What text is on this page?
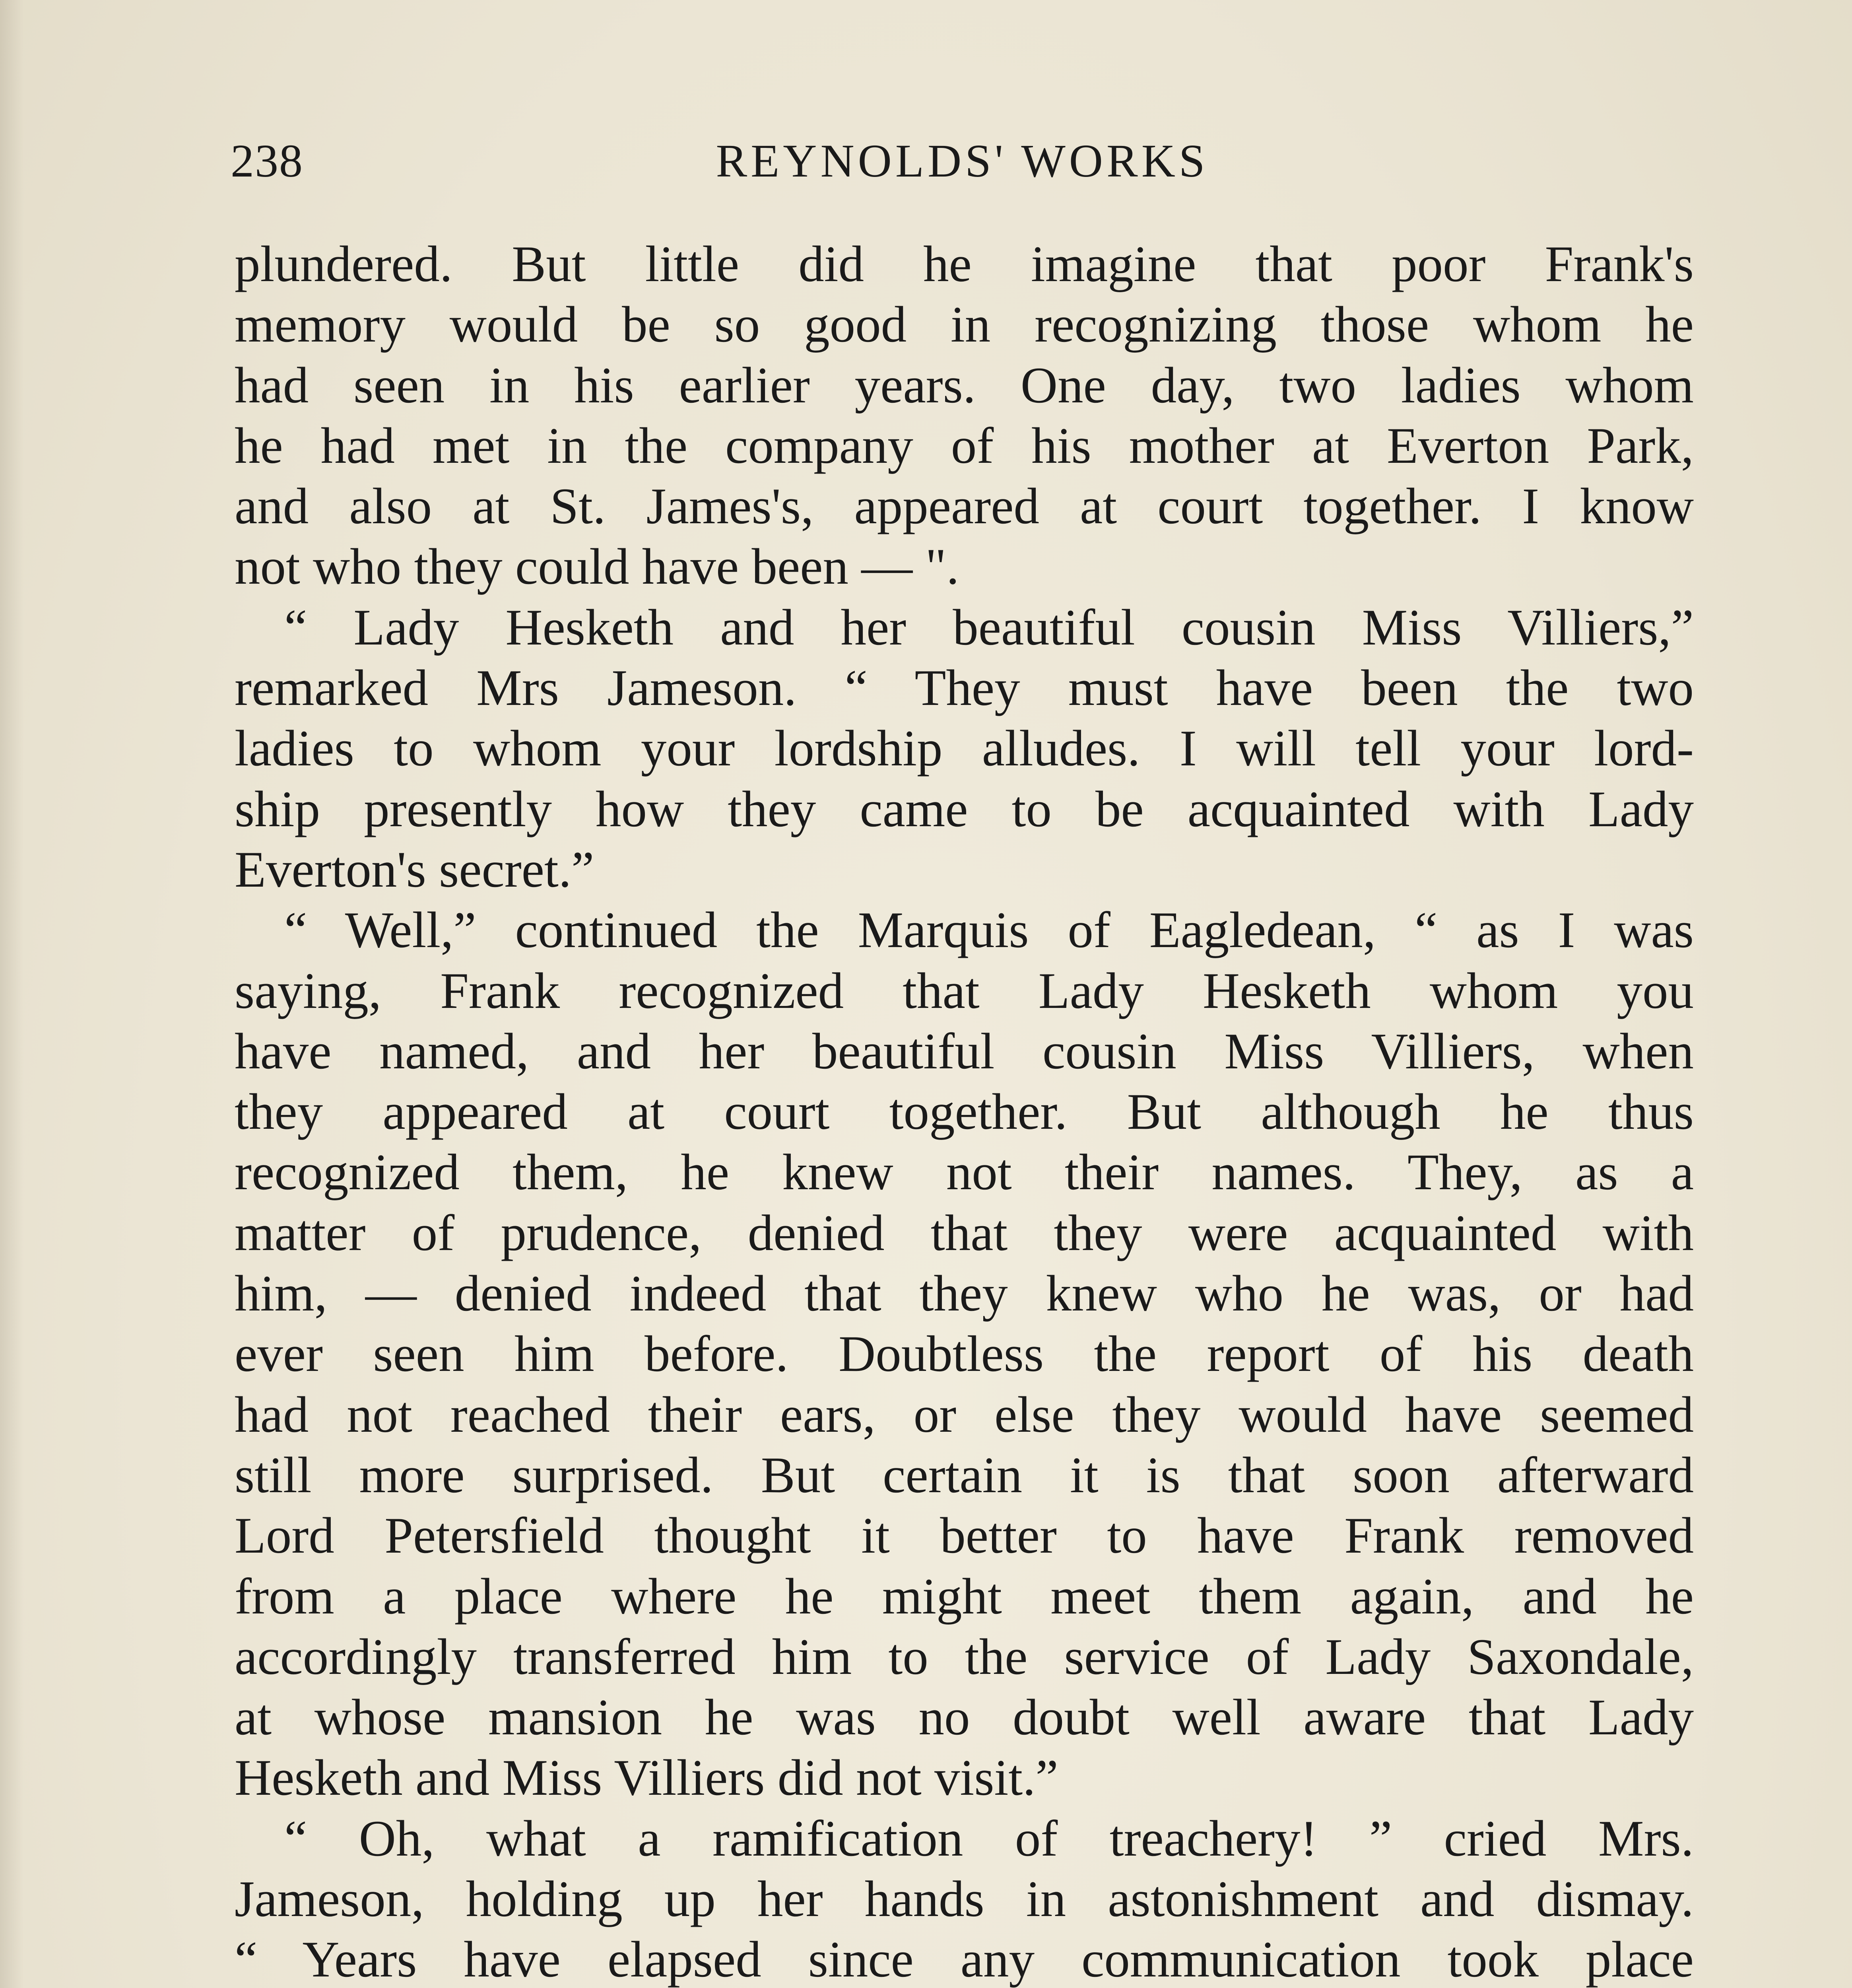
238	REYNOLDS' WORKS
plundered. But little did he imagine that poor Frank's
memory would be so good in recognizing those whom he
had seen in his earlier years. One day, two ladies whom
he had met in the company of his mother at Everton Park,
and also at St. James's, appeared at court together. I know
not who they could have been — ".
“ Lady Hesketh and her beautiful cousin Miss Villiers,”
remarked Mrs Jameson. “ They must have been the two
ladies to whom your lordship alludes. I will tell your lord-
ship presently how they came to be acquainted with Lady
Everton's secret.”
“ Well,” continued the Marquis of Eagledean, “ as I was
saying, Frank recognized that Lady Hesketh whom you
have named, and her beautiful cousin Miss Villiers, when
they appeared at court together. But although he thus
recognized them, he knew not their names. They, as a
matter of prudence, denied that they were acquainted with
him, — denied indeed that they knew who he was, or had
ever seen him before. Doubtless the report of his death
had not reached their ears, or else they would have seemed
still more surprised. But certain it is that soon afterward
Lord Petersfield thought it better to have Frank removed
from a place where he might meet them again, and he
accordingly transferred him to the service of Lady Saxondale,
at whose mansion he was no doubt well aware that Lady
Hesketh and Miss Villiers did not visit.”
“ Oh, what a ramification of treachery! ” cried Mrs.
Jameson, holding up her hands in astonishment and dismay.
“ Years have elapsed since any communication took place
